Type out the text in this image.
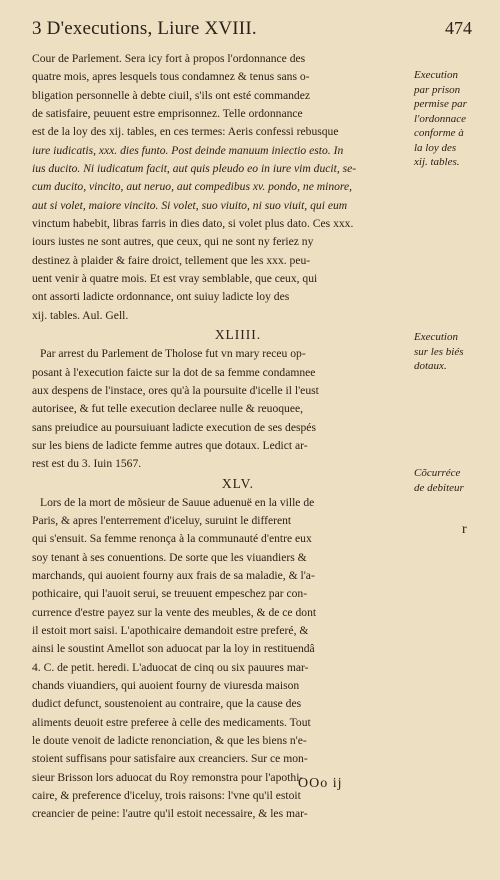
3 D'executions, Liure XVIII.	474
Cour de Parlement. Sera icy fort à propos l'ordonnance des
quatre mois, apres lesquels tous condamnez & tenus sans o-
bligation personnelle à debte ciuil, s'ils ont esté commandez
de satisfaire, peuuent estre emprisonnez. Telle ordonnance
est de la loy des xij. tables, en ces termes: Aeris confessi rebusque
iure iudicatis, xxx. dies funto. Post deinde manuum iniectio esto. In
ius ducito. Ni iudicatum facit, aut quis pleudo eo in iure vim ducit, se-
cum ducito, vincito, aut neruo, aut compedibus xv. pondo, ne minore,
aut si volet, maiore vincito. Si volet, suo viuito, ni suo viuit, qui eum
vinctum habebit, libras farris in dies dato, si volet plus dato. Ces xxx.
iours iustes ne sont autres, que ceux, qui ne sont ny feriez ny
destinez à plaider & faire droict, tellement que les xxx. peu-
uent venir à quatre mois. Et est vray semblable, que ceux, qui
ont assorti ladicte ordonnance, ont suiuy ladicte loy des
xij. tables. Aul. Gell.
XLIIII.
Par arrest du Parlement de Tholose fut vn mary receu op-
posant à l'execution faicte sur la dot de sa femme condamnee
aux despens de l'instace, ores qu'à la poursuite d'icelle il l'eust
autorisee, & fut telle execution declaree nulle & reuoquee,
sans preiudice au poursuiuant ladicte execution de ses despés
sur les biens de ladicte femme autres que dotaux. Ledict ar-
rest est du 3. Iuin 1567.
XLV.
Lors de la mort de mõsieur de Sauue aduenuë en la ville de
Paris, & apres l'enterrement d'iceluy, suruint le different
qui s'ensuit. Sa femme renonça à la communauté d'entre eux
soy tenant à ses conuentions. De sorte que les viuandiers &
marchands, qui auoient fourny aux frais de sa maladie, & l'a-
pothicaire, qui l'auoit serui, se treuuent empeschez par con-
currence d'estre payez sur la vente des meubles, & de ce dont
il estoit mort saisi. L'apothicaire demandoit estre preferé, &
ainsi le soustint Amellot son aduocat par la loy in restituendâ
4. C. de petit. heredi. L'aduocat de cinq ou six pauures mar-
chands viuandiers, qui auoient fourny de viuresda maison
dudict defunct, soustenoient au contraire, que la cause des
aliments deuoit estre preferee à celle des medicaments. Tout
le doute venoit de ladicte renonciation, & que les biens n'e-
stoient suffisans pour satisfaire aux creanciers. Sur ce mon-
sieur Brisson lors aduocat du Roy remonstra pour l'apothi-
caire, & preference d'iceluy, trois raisons: l'vne qu'il estoit
creancier de peine: l'autre qu'il estoit necessaire, & les mar-
Execution
par prison
permise par
l'ordonnace
conforme à
la loy des
xij. tables.
Execution
sur les biés
dotaux.
Cõcurréce
de debiteur
r
OOo ij
